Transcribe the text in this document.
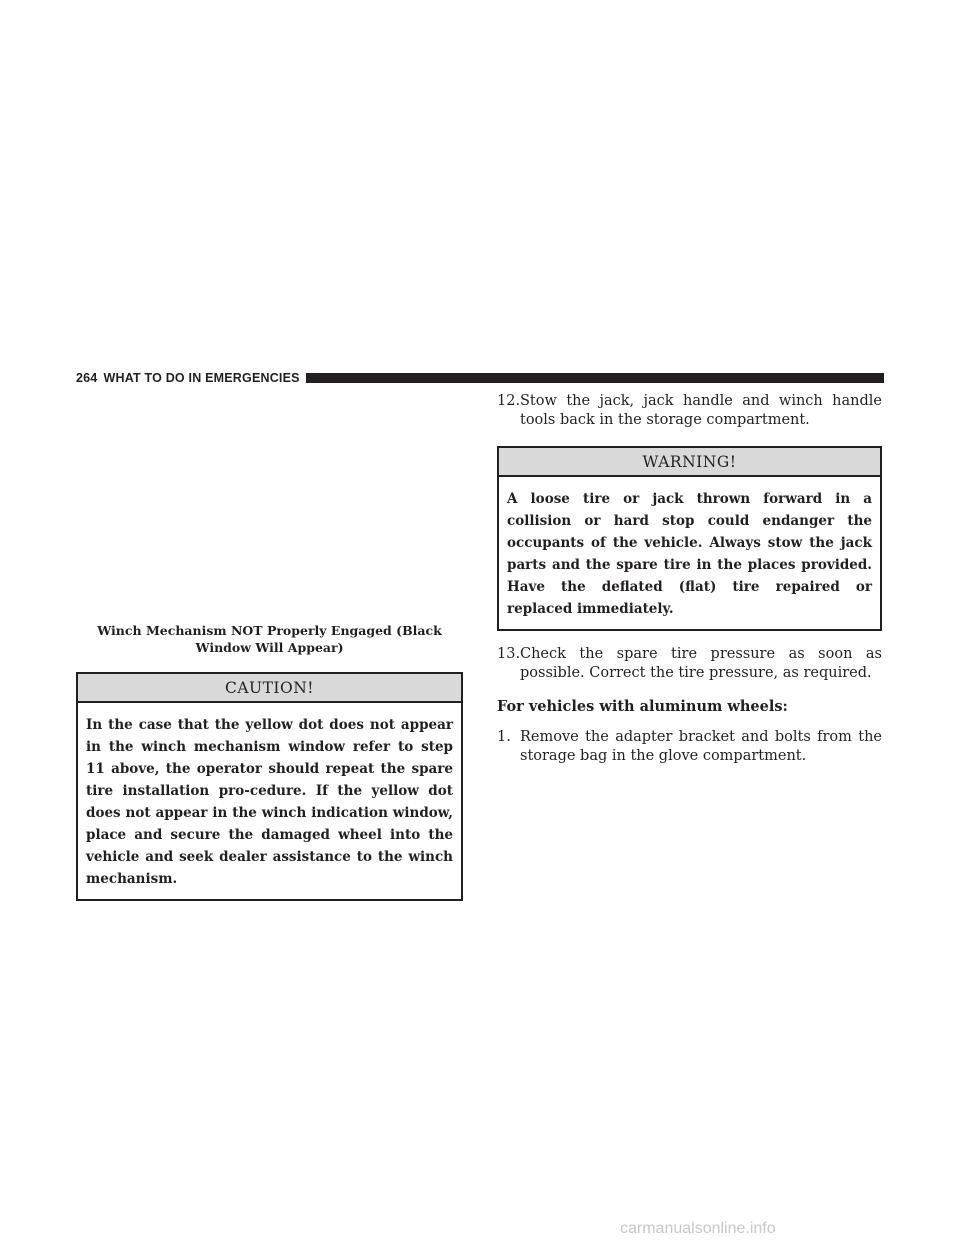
264 WHAT TO DO IN EMERGENCIES

Winch Mechanism NOT Properly Engaged (Black Window Will Appear)

CAUTION!

In the case that the yellow dot does not appear in the winch mechanism window refer to step 11 above, the operator should repeat the spare tire installation pro-cedure. If the yellow dot does not appear in the winch indication window, place and secure the damaged wheel into the vehicle and seek dealer assistance to the winch mechanism.

12.Stow the jack, jack handle and winch handle tools back in the storage compartment.

WARNING!

A loose tire or jack thrown forward in a collision or hard stop could endanger the occupants of the vehicle. Always stow the jack parts and the spare tire in the places provided. Have the deflated (flat) tire repaired or replaced immediately.

13.Check the spare tire pressure as soon as possible. Correct the tire pressure, as required.

For vehicles with aluminum wheels:

1. Remove the adapter bracket and bolts from the storage bag in the glove compartment.

carmanualsonline.info
